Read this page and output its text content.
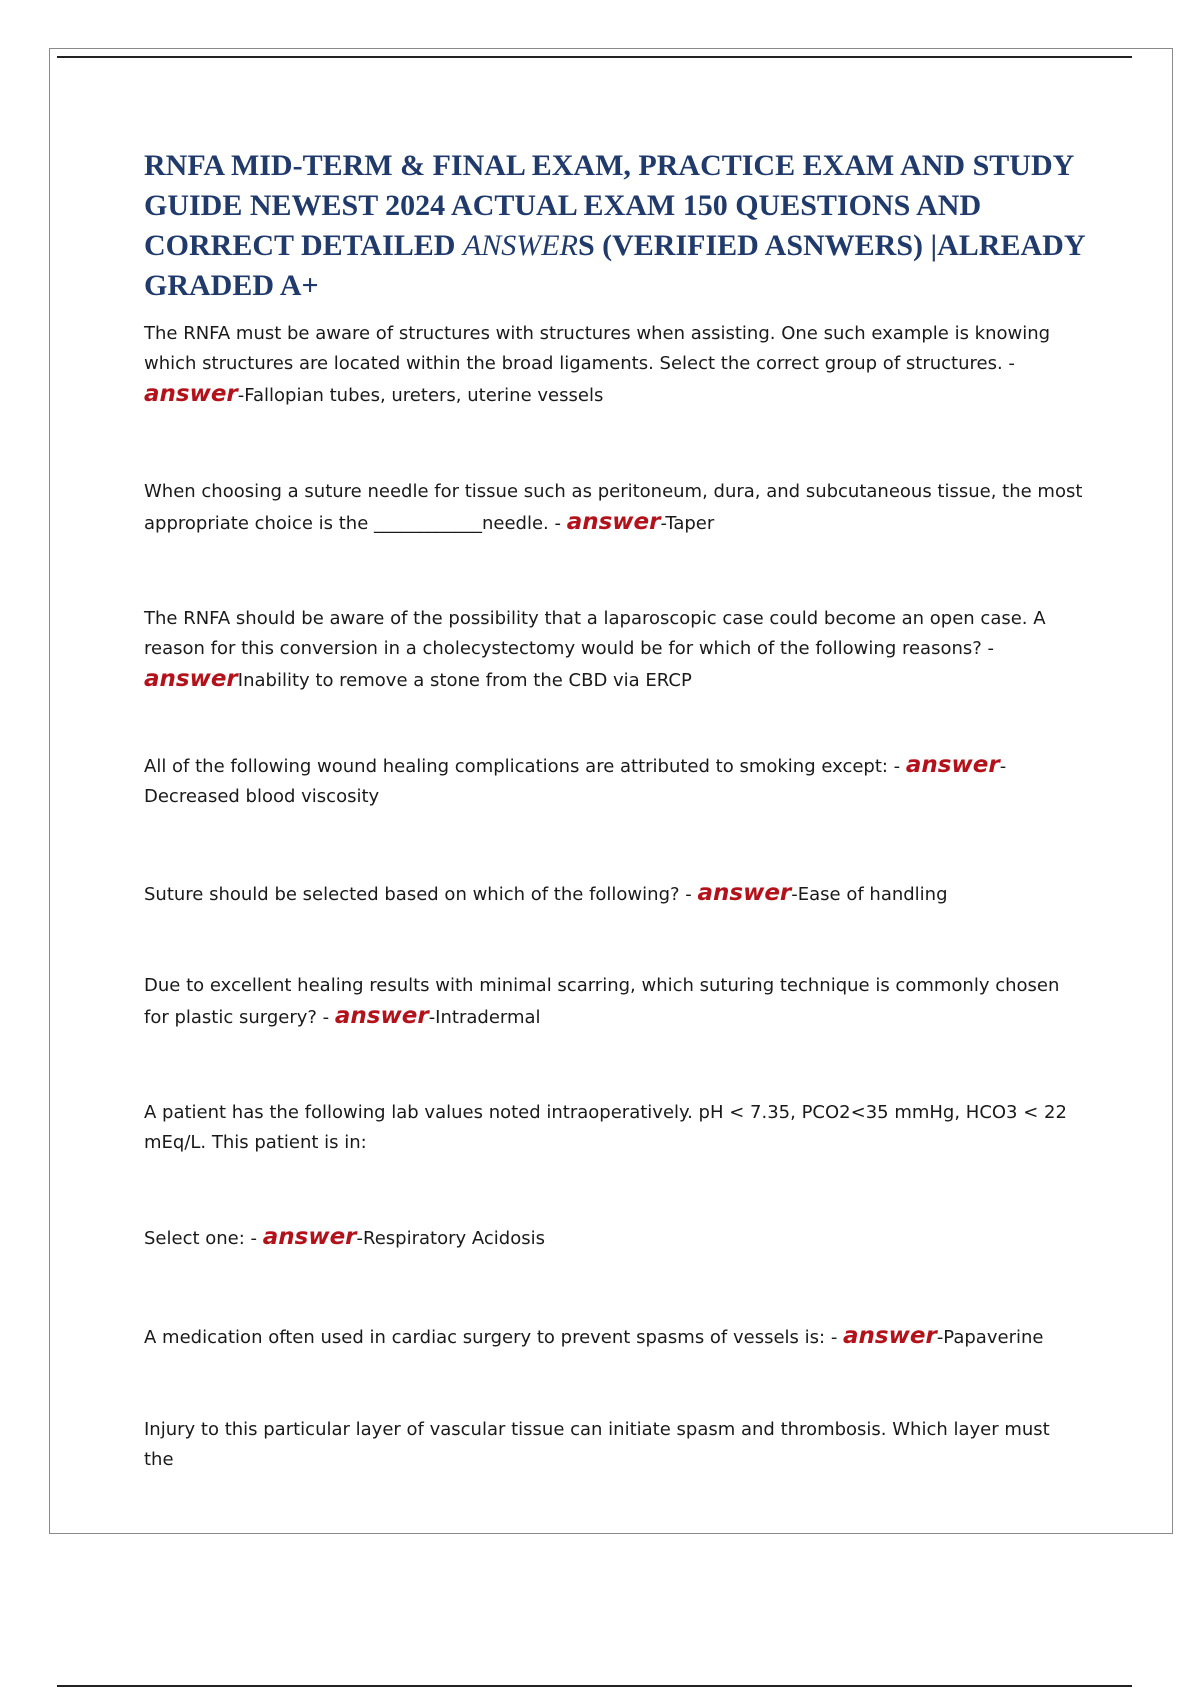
RNFA MID-TERM & FINAL EXAM, PRACTICE EXAM AND STUDY GUIDE NEWEST 2024 ACTUAL EXAM 150 QUESTIONS AND CORRECT DETAILED ANSWERS (VERIFIED ASNWERS) |ALREADY GRADED A+
The RNFA must be aware of structures with structures when assisting. One such example is knowing which structures are located within the broad ligaments. Select the correct group of structures. - answer-Fallopian tubes, ureters, uterine vessels
When choosing a suture needle for tissue such as peritoneum, dura, and subcutaneous tissue, the most appropriate choice is the ____________needle. - answer-Taper
The RNFA should be aware of the possibility that a laparoscopic case could become an open case. A reason for this conversion in a cholecystectomy would be for which of the following reasons? - answerInability to remove a stone from the CBD via ERCP
All of the following wound healing complications are attributed to smoking except: - answer-Decreased blood viscosity
Suture should be selected based on which of the following? - answer-Ease of handling
Due to excellent healing results with minimal scarring, which suturing technique is commonly chosen for plastic surgery? - answer-Intradermal
A patient has the following lab values noted intraoperatively. pH < 7.35, PCO2<35 mmHg, HCO3 < 22 mEq/L. This patient is in:
Select one: - answer-Respiratory Acidosis
A medication often used in cardiac surgery to prevent spasms of vessels is: - answer-Papaverine
Injury to this particular layer of vascular tissue can initiate spasm and thrombosis. Which layer must the
